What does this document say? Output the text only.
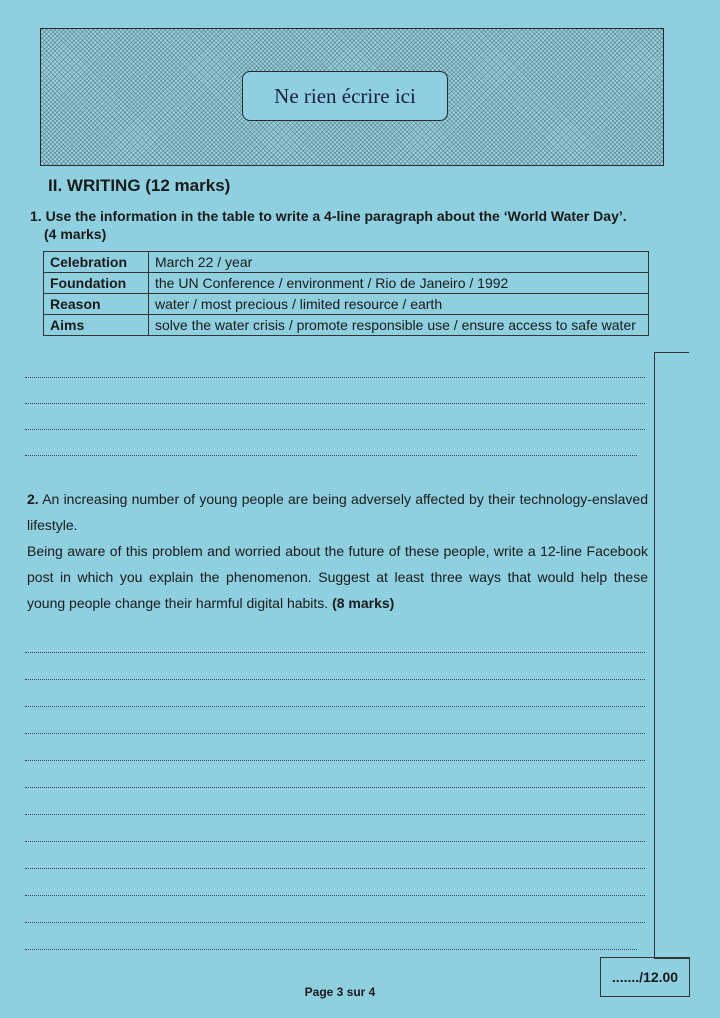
Ne rien écrire ici
II. WRITING (12 marks)
1. Use the information in the table to write a 4-line paragraph about the ‘World Water Day’.
(4 marks)
Celebration	March 22 / year
Foundation	the UN Conference / environment / Rio de Janeiro / 1992
Reason	water / most precious / limited resource / earth
Aims	solve the water crisis / promote responsible use / ensure access to safe water

2. An increasing number of young people are being adversely affected by their technology-enslaved lifestyle.

Being aware of this problem and worried about the future of these people, write a 12-line Facebook post in which you explain the phenomenon. Suggest at least three ways that would help these young people change their harmful digital habits. (8 marks)

......./12.00
Page 3 sur 4
